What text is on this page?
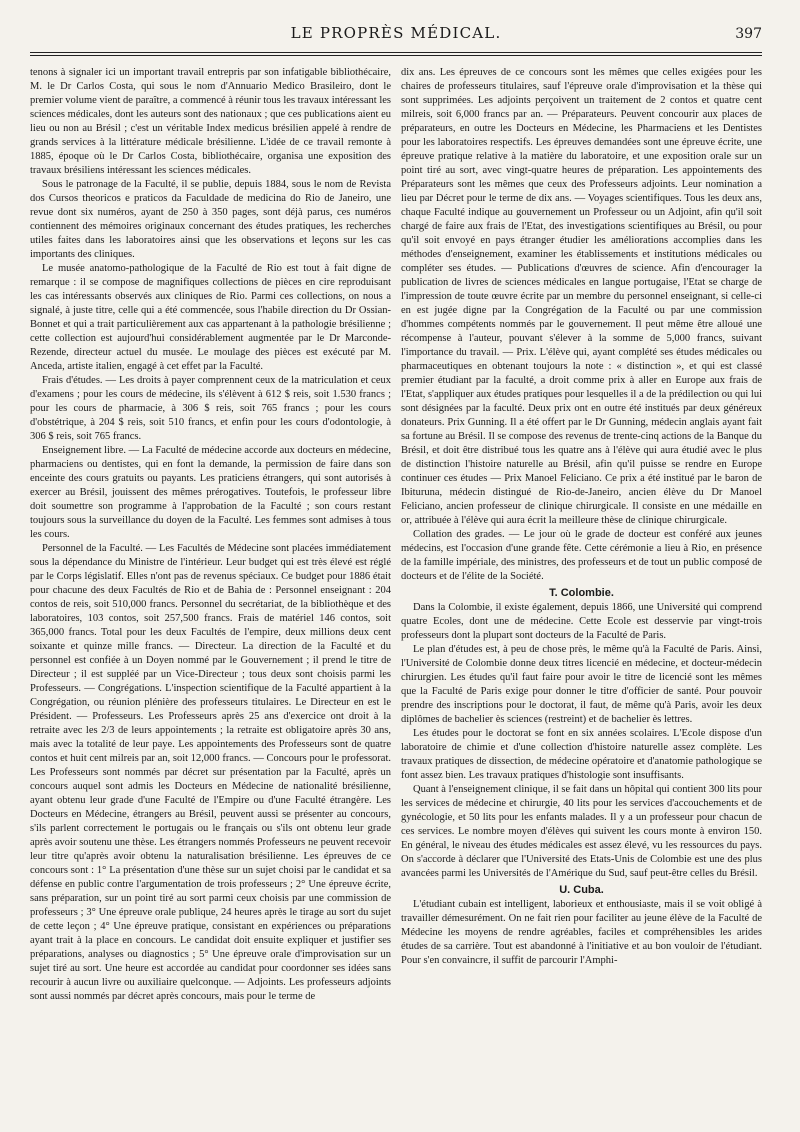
LE PROPRÈS MÉDICAL.	397

tenons à signaler ici un important travail entrepris par son infatigable bibliothécaire, M. le Dr Carlos Costa, qui sous le nom d'Annuario Medico Brasileiro, dont le premier volume vient de paraître, a commencé à réunir tous les travaux intéressant les sciences médicales, dont les auteurs sont des nationaux ; que ces publications aient eu lieu ou non au Brésil ; c'est un véritable Index medicus brésilien appelé à rendre de grands services à la littérature médicale brésilienne. L'idée de ce travail remonte à 1885, époque où le Dr Carlos Costa, bibliothécaire, organisa une exposition des travaux brésiliens intéressant les sciences médicales.

Sous le patronage de la Faculté, il se publie, depuis 1884, sous le nom de Revista dos Cursos theoricos e praticos da Faculdade de medicina do Rio de Janeiro, une revue dont six numéros, ayant de 250 à 350 pages, sont déjà parus, ces numéros contiennent des mémoires originaux concernant des études pratiques, les recherches utiles faites dans les laboratoires ainsi que les observations et leçons sur les cas importants des cliniques.

Le musée anatomo-pathologique de la Faculté de Rio est tout à fait digne de remarque : il se compose de magnifiques collections de pièces en cire reproduisant les cas intéressants observés aux cliniques de Rio. Parmi ces collections, on nous a signalé, à juste titre, celle qui a été commencée, sous l'habile direction du Dr Ossian-Bonnet et qui a trait particulièrement aux cas appartenant à la pathologie brésilienne ; cette collection est aujourd'hui considérablement augmentée par le Dr Marconde-Rezende, directeur actuel du musée. Le moulage des pièces est exécuté par M. Anceda, artiste italien, engagé à cet effet par la Faculté.

Frais d'études. — Les droits à payer comprennent ceux de la matriculation et ceux d'examens ; pour les cours de médecine, ils s'élèvent à 612 $ reis, soit 1.530 francs ; pour les cours de pharmacie, à 306 $ reis, soit 765 francs ; pour les cours d'obstétrique, à 204 $ reis, soit 510 francs, et enfin pour les cours d'odontologie, à 306 $ reis, soit 765 francs.

Enseignement libre. — La Faculté de médecine accorde aux docteurs en médecine, pharmaciens ou dentistes, qui en font la demande, la permission de faire dans son enceinte des cours gratuits ou payants. Les praticiens étrangers, qui sont autorisés à exercer au Brésil, jouissent des mêmes prérogatives. Toutefois, le professeur libre doit soumettre son programme à l'approbation de la Faculté ; son cours restant toujours sous la surveillance du doyen de la Faculté. Les femmes sont admises à tous les cours.

Personnel de la Faculté. — Les Facultés de Médecine sont placées immédiatement sous la dépendance du Ministre de l'intérieur. Leur budget qui est très élevé est réglé par le Corps législatif. Elles n'ont pas de revenus spéciaux. Ce budget pour 1886 était pour chacune des deux Facultés de Rio et de Bahia de : Personnel enseignant : 204 contos de reis, soit 510,000 francs. Personnel du secrétariat, de la bibliothèque et des laboratoires, 103 contos, soit 257,500 francs. Frais de matériel 146 contos, soit 365,000 francs. Total pour les deux Facultés de l'empire, deux millions deux cent soixante et quinze mille francs. — Directeur. La direction de la Faculté et du personnel est confiée à un Doyen nommé par le Gouvernement ; il prend le titre de Directeur ; il est suppléé par un Vice-Directeur ; tous deux sont choisis parmi les Professeurs. — Congrégations. L'inspection scientifique de la Faculté appartient à la Congrégation, ou réunion plénière des professeurs titulaires. Le Directeur en est le Président. — Professeurs. Les Professeurs après 25 ans d'exercice ont droit à la retraite avec les 2/3 de leurs appointements ; la retraite est obligatoire après 30 ans, mais avec la totalité de leur paye. Les appointements des Professeurs sont de quatre contos et huit cent milreis par an, soit 12,000 francs. — Concours pour le professorat. Les Professeurs sont nommés par décret sur présentation par la Faculté, après un concours auquel sont admis les Docteurs en Médecine de nationalité brésilienne, ayant obtenu leur grade d'une Faculté de l'Empire ou d'une Faculté étrangère. Les Docteurs en Médecine, étrangers au Brésil, peuvent aussi se présenter au concours, s'ils parlent correctement le portugais ou le français ou s'ils ont obtenu leur grade après avoir soutenu une thèse. Les étrangers nommés Professeurs ne peuvent recevoir leur titre qu'après avoir obtenu la naturalisation brésilienne. Les épreuves de ce concours sont : 1° La présentation d'une thèse sur un sujet choisi par le candidat et sa défense en public contre l'argumentation de trois professeurs ; 2° Une épreuve écrite, sans préparation, sur un point tiré au sort parmi ceux choisis par une commission de professeurs ; 3° Une épreuve orale publique, 24 heures après le tirage au sort du sujet de cette leçon ; 4° Une épreuve pratique, consistant en expériences ou préparations ayant trait à la place en concours. Le candidat doit ensuite expliquer et justifier ses préparations, analyses ou diagnostics ; 5° Une épreuve orale d'improvisation sur un sujet tiré au sort. Une heure est accordée au candidat pour coordonner ses idées sans recourir à aucun livre ou auxiliaire quelconque. — Adjoints. Les professeurs adjoints sont aussi nommés par décret après concours, mais pour le terme de

dix ans. Les épreuves de ce concours sont les mêmes que celles exigées pour les chaires de professeurs titulaires, sauf l'épreuve orale d'improvisation et la thèse qui sont supprimées. Les adjoints perçoivent un traitement de 2 contos et quatre cent milreis, soit 6,000 francs par an. — Préparateurs. Peuvent concourir aux places de préparateurs, en outre les Docteurs en Médecine, les Pharmaciens et les Dentistes pour les laboratoires respectifs. Les épreuves demandées sont une épreuve écrite, une épreuve pratique relative à la matière du laboratoire, et une exposition orale sur un point tiré au sort, avec vingt-quatre heures de préparation. Les appointements des Préparateurs sont les mêmes que ceux des Professeurs adjoints. Leur nomination a lieu par Décret pour le terme de dix ans. — Voyages scientifiques. Tous les deux ans, chaque Faculté indique au gouvernement un Professeur ou un Adjoint, afin qu'il soit chargé de faire aux frais de l'Etat, des investigations scientifiques au Brésil, ou pour qu'il soit envoyé en pays étranger étudier les améliorations accomplies dans les méthodes d'enseignement, examiner les établissements et institutions médicales ou compléter ses études. — Publications d'œuvres de science. Afin d'encourager la publication de livres de sciences médicales en langue portugaise, l'Etat se charge de l'impression de toute œuvre écrite par un membre du personnel enseignant, si celle-ci en est jugée digne par la Congrégation de la Faculté ou par une commission d'hommes compétents nommés par le gouvernement. Il peut même être alloué une récompense à l'auteur, pouvant s'élever à la somme de 5,000 francs, suivant l'importance du travail. — Prix. L'élève qui, ayant complété ses études médicales ou pharmaceutiques en obtenant toujours la note : « distinction », et qui est classé premier étudiant par la faculté, a droit comme prix à aller en Europe aux frais de l'Etat, s'appliquer aux études pratiques pour lesquelles il a de la prédilection ou qui lui sont désignées par la faculté. Deux prix ont en outre été institués par deux généreux donateurs. Prix Gunning. Il a été offert par le Dr Gunning, médecin anglais ayant fait sa fortune au Brésil. Il se compose des revenus de trente-cinq actions de la Banque du Brésil, et doit être distribué tous les quatre ans à l'élève qui aura étudié avec le plus de distinction l'histoire naturelle au Brésil, afin qu'il puisse se rendre en Europe continuer ces études — Prix Manoel Feliciano. Ce prix a été institué par le baron de Ibituruna, médecin distingué de Rio-de-Janeiro, ancien élève du Dr Manoel Feliciano, ancien professeur de clinique chirurgicale. Il consiste en une médaille en or, attribuée à l'élève qui aura écrit la meilleure thèse de clinique chirurgicale.

Collation des grades. — Le jour où le grade de docteur est conféré aux jeunes médecins, est l'occasion d'une grande fête. Cette cérémonie a lieu à Rio, en présence de la famille impériale, des ministres, des professeurs et de tout un public composé de docteurs et de l'élite de la Société.

T. Colombie.

Dans la Colombie, il existe également, depuis 1866, une Université qui comprend quatre Ecoles, dont une de médecine. Cette Ecole est desservie par vingt-trois professeurs dont la plupart sont docteurs de la Faculté de Paris.

Le plan d'études est, à peu de chose près, le même qu'à la Faculté de Paris. Ainsi, l'Université de Colombie donne deux titres licencié en médecine, et docteur-médecin chirurgien. Les études qu'il faut faire pour avoir le titre de licencié sont les mêmes que la Faculté de Paris exige pour donner le titre d'officier de santé. Pour pouvoir prendre des inscriptions pour le doctorat, il faut, de même qu'à Paris, avoir les deux diplômes de bachelier ès sciences (restreint) et de bachelier ès lettres.

Les études pour le doctorat se font en six années scolaires. L'Ecole dispose d'un laboratoire de chimie et d'une collection d'histoire naturelle assez complète. Les travaux pratiques de dissection, de médecine opératoire et d'anatomie pathologique se font assez bien. Les travaux pratiques d'histologie sont insuffisants.

Quant à l'enseignement clinique, il se fait dans un hôpital qui contient 300 lits pour les services de médecine et chirurgie, 40 lits pour les services d'accouchements et de gynécologie, et 50 lits pour les enfants malades. Il y a un professeur pour chacun de ces services. Le nombre moyen d'élèves qui suivent les cours monte à environ 150. En général, le niveau des études médicales est assez élevé, vu les ressources du pays. On s'accorde à déclarer que l'Université des Etats-Unis de Colombie est une des plus avancées parmi les Universités de l'Amérique du Sud, sauf peut-être celles du Brésil.

U. Cuba.

L'étudiant cubain est intelligent, laborieux et enthousiaste, mais il se voit obligé à travailler démesurément. On ne fait rien pour faciliter au jeune élève de la Faculté de Médecine les moyens de rendre agréables, faciles et compréhensibles les arides études de sa carrière. Tout est abandonné à l'initiative et au bon vouloir de l'étudiant. Pour s'en convaincre, il suffit de parcourir l'Amphi-
